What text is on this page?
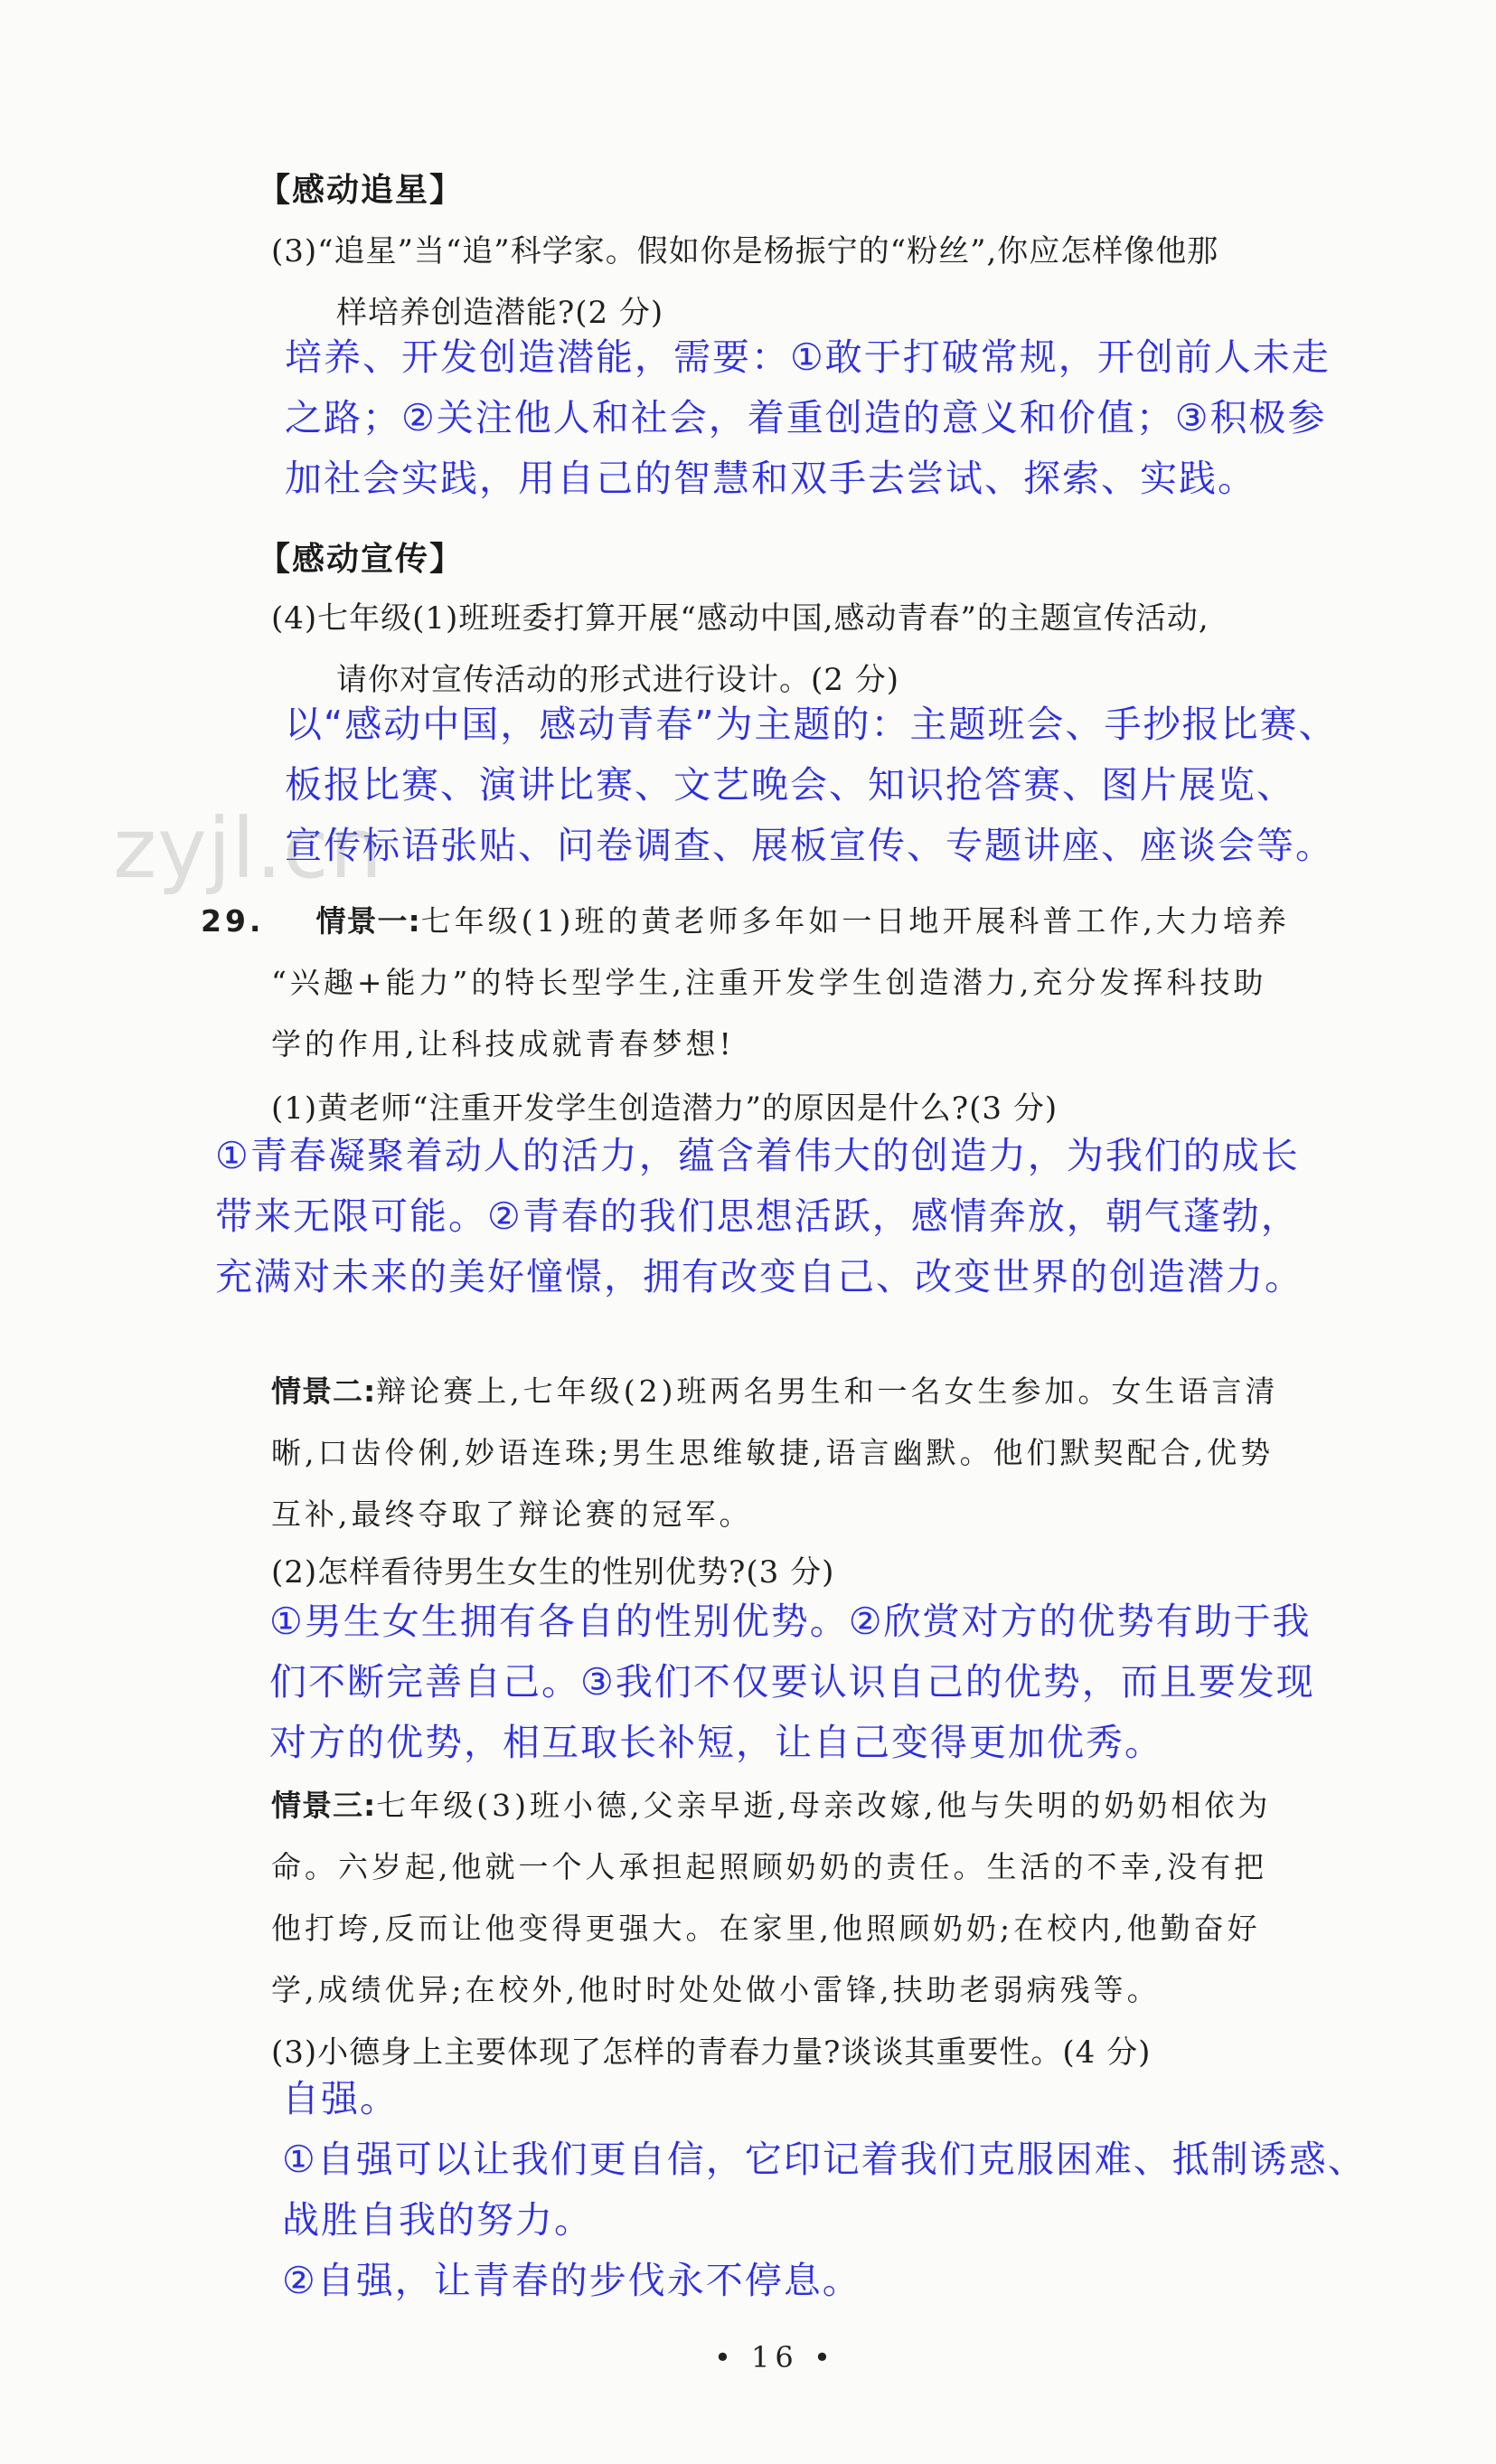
【感动追星】
(3)“追星”当“追”科学家。假如你是杨振宁的“粉丝”,你应怎样像他那
样培养创造潜能?(2 分)
培养、开发创造潜能，需要：①敢于打破常规，开创前人未走
之路；②关注他人和社会，着重创造的意义和价值；③积极参
加社会实践，用自己的智慧和双手去尝试、探索、实践。
【感动宣传】
(4)七年级(1)班班委打算开展“感动中国,感动青春”的主题宣传活动,
请你对宣传活动的形式进行设计。(2 分)
以“感动中国，感动青春”为主题的：主题班会、手抄报比赛、
板报比赛、演讲比赛、文艺晚会、知识抢答赛、图片展览、
宣传标语张贴、问卷调查、展板宣传、专题讲座、座谈会等。
zyjl.cn
29. 情景一:七年级(1)班的黄老师多年如一日地开展科普工作,大力培养
“兴趣+能力”的特长型学生,注重开发学生创造潜力,充分发挥科技助
学的作用,让科技成就青春梦想!
(1)黄老师“注重开发学生创造潜力”的原因是什么?(3 分)
①青春凝聚着动人的活力，蕴含着伟大的创造力，为我们的成长
带来无限可能。②青春的我们思想活跃，感情奔放，朝气蓬勃，
充满对未来的美好憧憬，拥有改变自己、改变世界的创造潜力。
情景二:辩论赛上,七年级(2)班两名男生和一名女生参加。女生语言清
晰,口齿伶俐,妙语连珠;男生思维敏捷,语言幽默。他们默契配合,优势
互补,最终夺取了辩论赛的冠军。
(2)怎样看待男生女生的性别优势?(3 分)
①男生女生拥有各自的性别优势。②欣赏对方的优势有助于我
们不断完善自己。③我们不仅要认识自己的优势，而且要发现
对方的优势，相互取长补短，让自己变得更加优秀。
情景三:七年级(3)班小德,父亲早逝,母亲改嫁,他与失明的奶奶相依为
命。六岁起,他就一个人承担起照顾奶奶的责任。生活的不幸,没有把
他打垮,反而让他变得更强大。在家里,他照顾奶奶;在校内,他勤奋好
学,成绩优异;在校外,他时时处处做小雷锋,扶助老弱病残等。
(3)小德身上主要体现了怎样的青春力量?谈谈其重要性。(4 分)
自强。
①自强可以让我们更自信，它印记着我们克服困难、抵制诱惑、
战胜自我的努力。
②自强，让青春的步伐永不停息。
• 16 •
